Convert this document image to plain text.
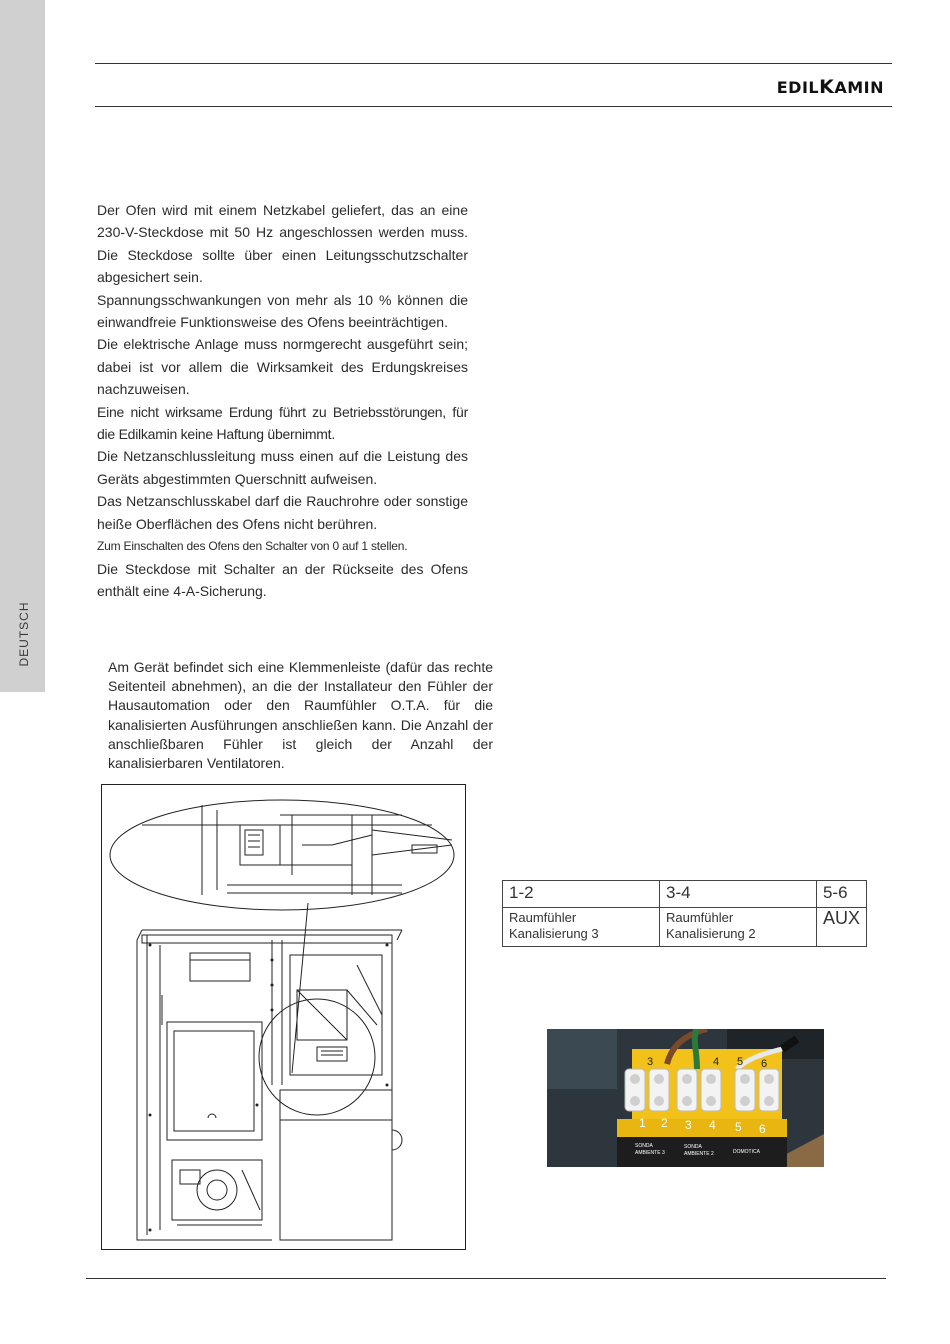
DEUTSCH
EDILKAMIN

Der Ofen wird mit einem Netzkabel geliefert, das an eine 230-V-Steckdose mit 50 Hz angeschlossen werden muss. Die Steckdose sollte über einen Leitungsschutzschalter abgesichert sein.

Spannungsschwankungen von mehr als 10 % können die einwandfreie Funktionsweise des Ofens beeinträchtigen.

Die elektrische Anlage muss normgerecht ausgeführt sein; dabei ist vor allem die Wirksamkeit des Erdungskreises nachzuweisen.

Eine nicht wirksame Erdung führt zu Betriebsstörungen, für die Edilkamin keine Haftung übernimmt.

Die Netzanschlussleitung muss einen auf die Leistung des Geräts abgestimmten Querschnitt aufweisen.

Das Netzanschlusskabel darf die Rauchrohre oder sonstige heiße Oberflächen des Ofens nicht berühren.

Zum Einschalten des Ofens den Schalter von 0 auf 1 stellen.

Die Steckdose mit Schalter an der Rückseite des Ofens enthält eine 4-A-Sicherung.

Am Gerät befindet sich eine Klemmenleiste (dafür das rechte Seitenteil abnehmen), an die der Installateur den Fühler der Hausautomation oder den Raumfühler O.T.A. für die kanalisierten Ausführungen anschließen kann. Die Anzahl der anschließbaren Fühler ist gleich der Anzahl der kanalisierbaren Ventilatoren.

1-2	3-4	5-6
Raumfühler Kanalisierung 3	Raumfühler Kanalisierung 2	AUX
3	4 5 6
1 2 3 4 5 6
SONDA
AMBIENTE 3
SONDA
AMBIENTE 2	DOMOTICA
